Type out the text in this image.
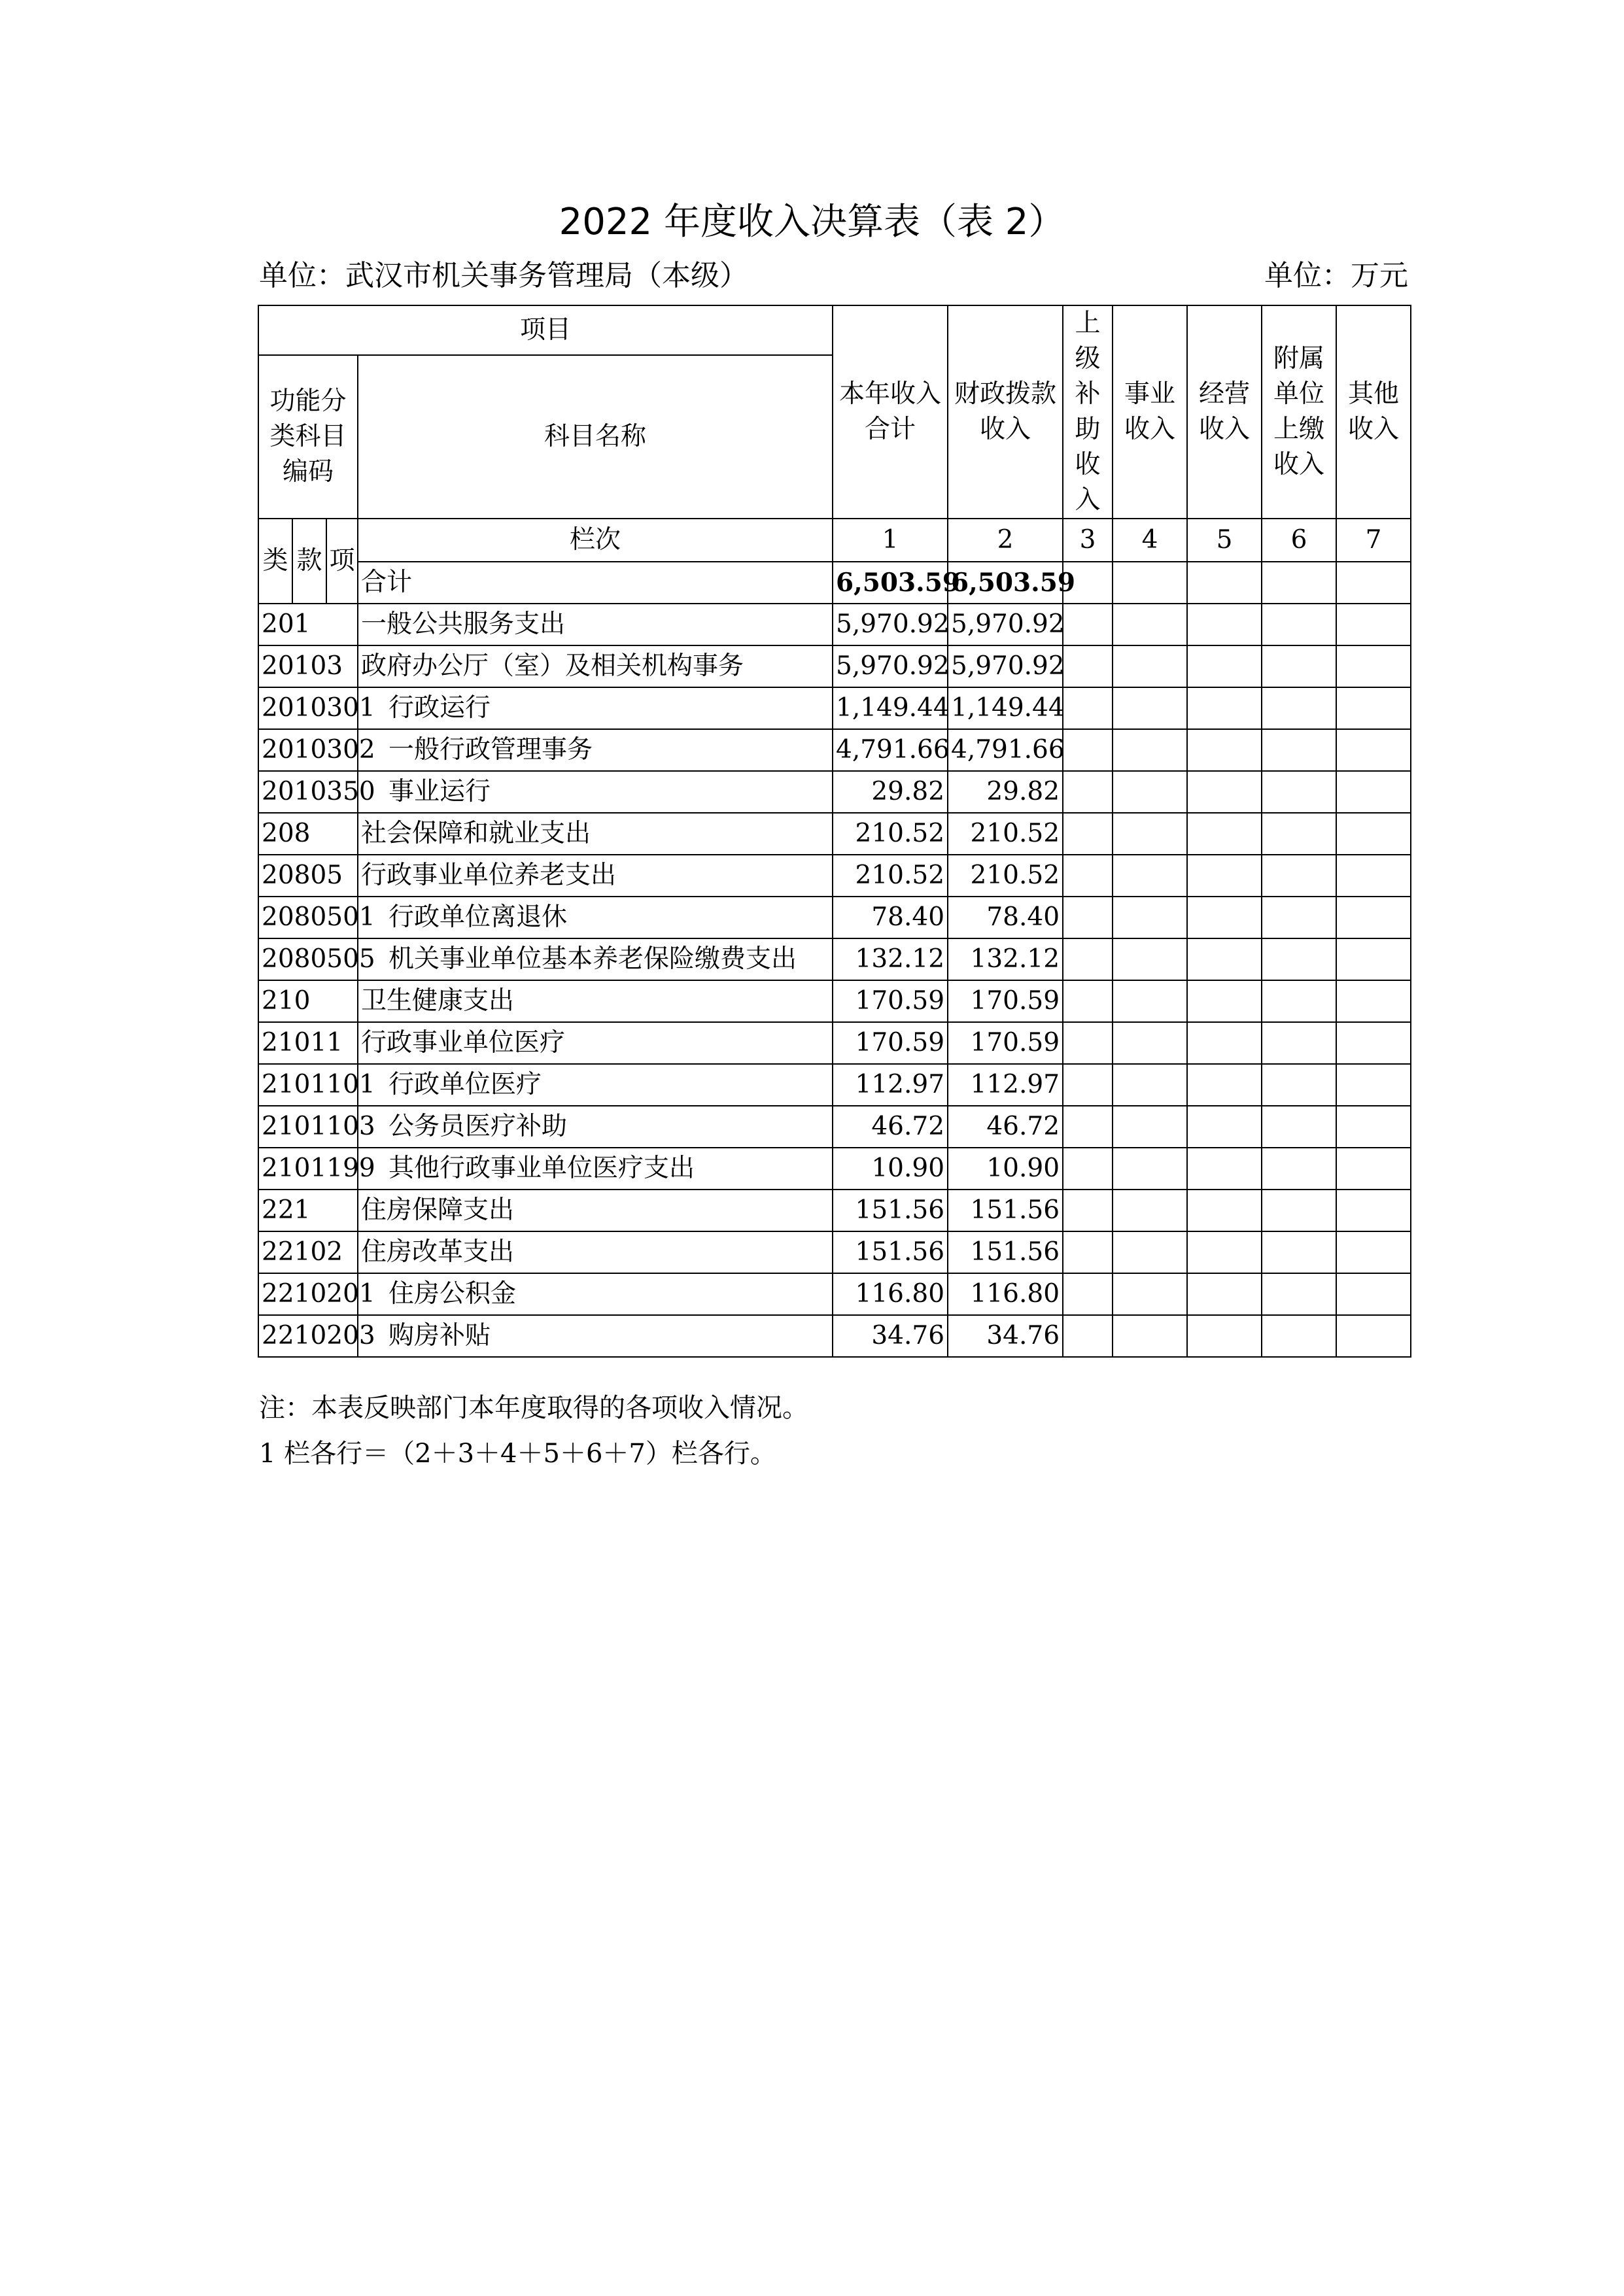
2022 年度收入决算表（表 2）
单位：武汉市机关事务管理局（本级）	单位：万元
项目				本年收入合计	财政拨款收入	上级补助收入	事业收入	经营收入	附属单位上缴收入	其他收入
功能分类科目编码			科目名称							
类	款	项	栏次	1	2	3	4	5	6	7
			合计	6,503.59	6,503.59					
201			一般公共服务支出	5,970.92	5,970.92					
20103			政府办公厅（室）及相关机构事务	5,970.92	5,970.92					
2010301			行政运行	1,149.44	1,149.44					
2010302			一般行政管理事务	4,791.66	4,791.66					
2010350			事业运行	29.82	29.82					
208			社会保障和就业支出	210.52	210.52					
20805			行政事业单位养老支出	210.52	210.52					
2080501			行政单位离退休	78.40	78.40					
2080505			机关事业单位基本养老保险缴费支出	132.12	132.12					
210			卫生健康支出	170.59	170.59					
21011			行政事业单位医疗	170.59	170.59					
2101101			行政单位医疗	112.97	112.97					
2101103			公务员医疗补助	46.72	46.72					
2101199			其他行政事业单位医疗支出	10.90	10.90					
221			住房保障支出	151.56	151.56					
22102			住房改革支出	151.56	151.56					
2210201			住房公积金	116.80	116.80					
2210203			购房补贴	34.76	34.76					
注：本表反映部门本年度取得的各项收入情况。
1 栏各行＝（2＋3＋4＋5＋6＋7）栏各行。
